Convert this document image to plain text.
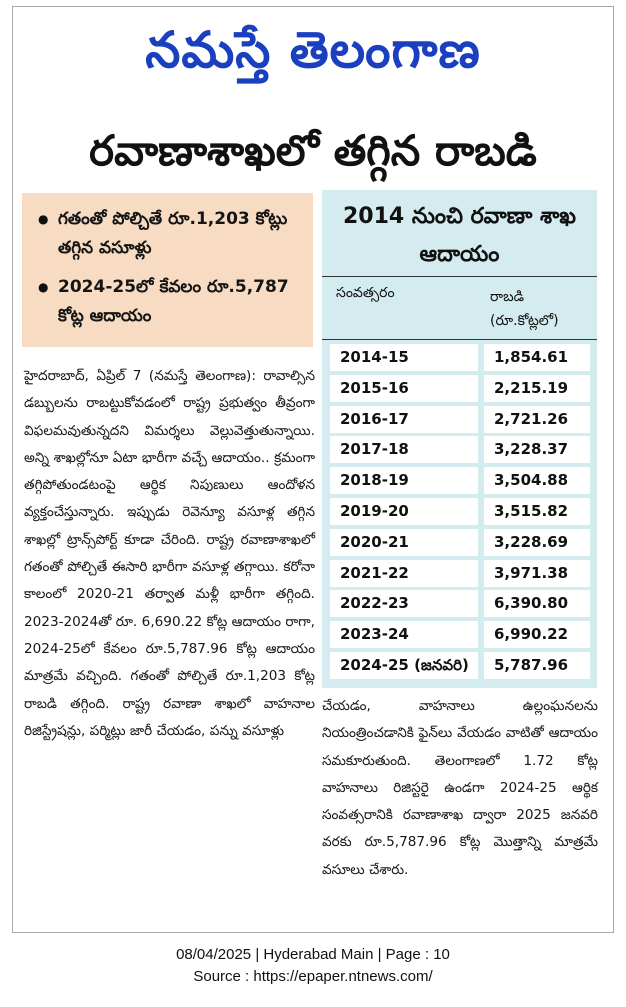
నమస్తే తెలంగాణ
రవాణాశాఖలో తగ్గిన రాబడి
● గతంతో పోల్చితే రూ.1,203 కోట్లు తగ్గిన వసూళ్లు
● 2024-25లో కేవలం రూ.5,787 కోట్ల ఆదాయం
హైదరాబాద్, ఏప్రిల్ 7 (నమస్తే తెలంగాణ): రావాల్సిన డబ్బులను రాబట్టుకోవడంలో రాష్ట్ర ప్రభుత్వం తీవ్రంగా విఫలమవుతున్నదని విమర్శలు వెల్లువెత్తుతున్నాయి. అన్ని శాఖల్లోనూ ఏటా భారీగా వచ్చే ఆదాయం.. క్రమంగా తగ్గిపోతుండటంపై ఆర్థిక నిపుణులు ఆందోళన వ్యక్తంచేస్తున్నారు. ఇప్పుడు రెవెన్యూ వసూళ్ల తగ్గిన శాఖల్లో ట్రాన్స్‌పోర్ట్ కూడా చేరింది. రాష్ట్ర రవాణాశాఖలో గతంతో పోల్చితే ఈసారి భారీగా వసూళ్ల తగ్గాయి. కరోనా కాలంలో 2020-21 తర్వాత మళ్లీ భారీగా తగ్గింది. 2023-2024తో రూ. 6,690.22 కోట్ల ఆదాయం రాగా, 2024-25లో కేవలం రూ.5,787.96 కోట్ల ఆదాయం మాత్రమే వచ్చింది. గతంతో పోల్చితే రూ.1,203 కోట్ల రాబడి తగ్గింది. రాష్ట్ర రవాణా శాఖలో వాహనాల రిజిస్ట్రేషన్లు, పర్మిట్లు జారీ చేయడం, పన్ను వసూళ్లు
చేయడం, వాహనాలు ఉల్లంఘనలను నియంత్రించడానికి ఫైన్‌లు వేయడం వాటితో ఆదాయం సమకూరుతుంది. తెలంగాణలో 1.72 కోట్ల వాహనాలు రిజిస్టరై ఉండగా 2024-25 ఆర్థిక సంవత్సరానికి రవాణాశాఖ ద్వారా 2025 జనవరి వరకు రూ.5,787.96 కోట్ల మొత్తాన్ని మాత్రమే వసూలు చేశారు.
2014 నుంచి రవాణా శాఖ ఆదాయం
సంవత్సరం	రాబడి
(రూ.కోట్లలో)
2014-15	1,854.61
2015-16	2,215.19
2016-17	2,721.26
2017-18	3,228.37
2018-19	3,504.88
2019-20	3,515.82
2020-21	3,228.69
2021-22	3,971.38
2022-23	6,390.80
2023-24	6,990.22
2024-25 (జనవరి)	5,787.96
08/04/2025 | Hyderabad Main | Page : 10
Source : https://epaper.ntnews.com/
